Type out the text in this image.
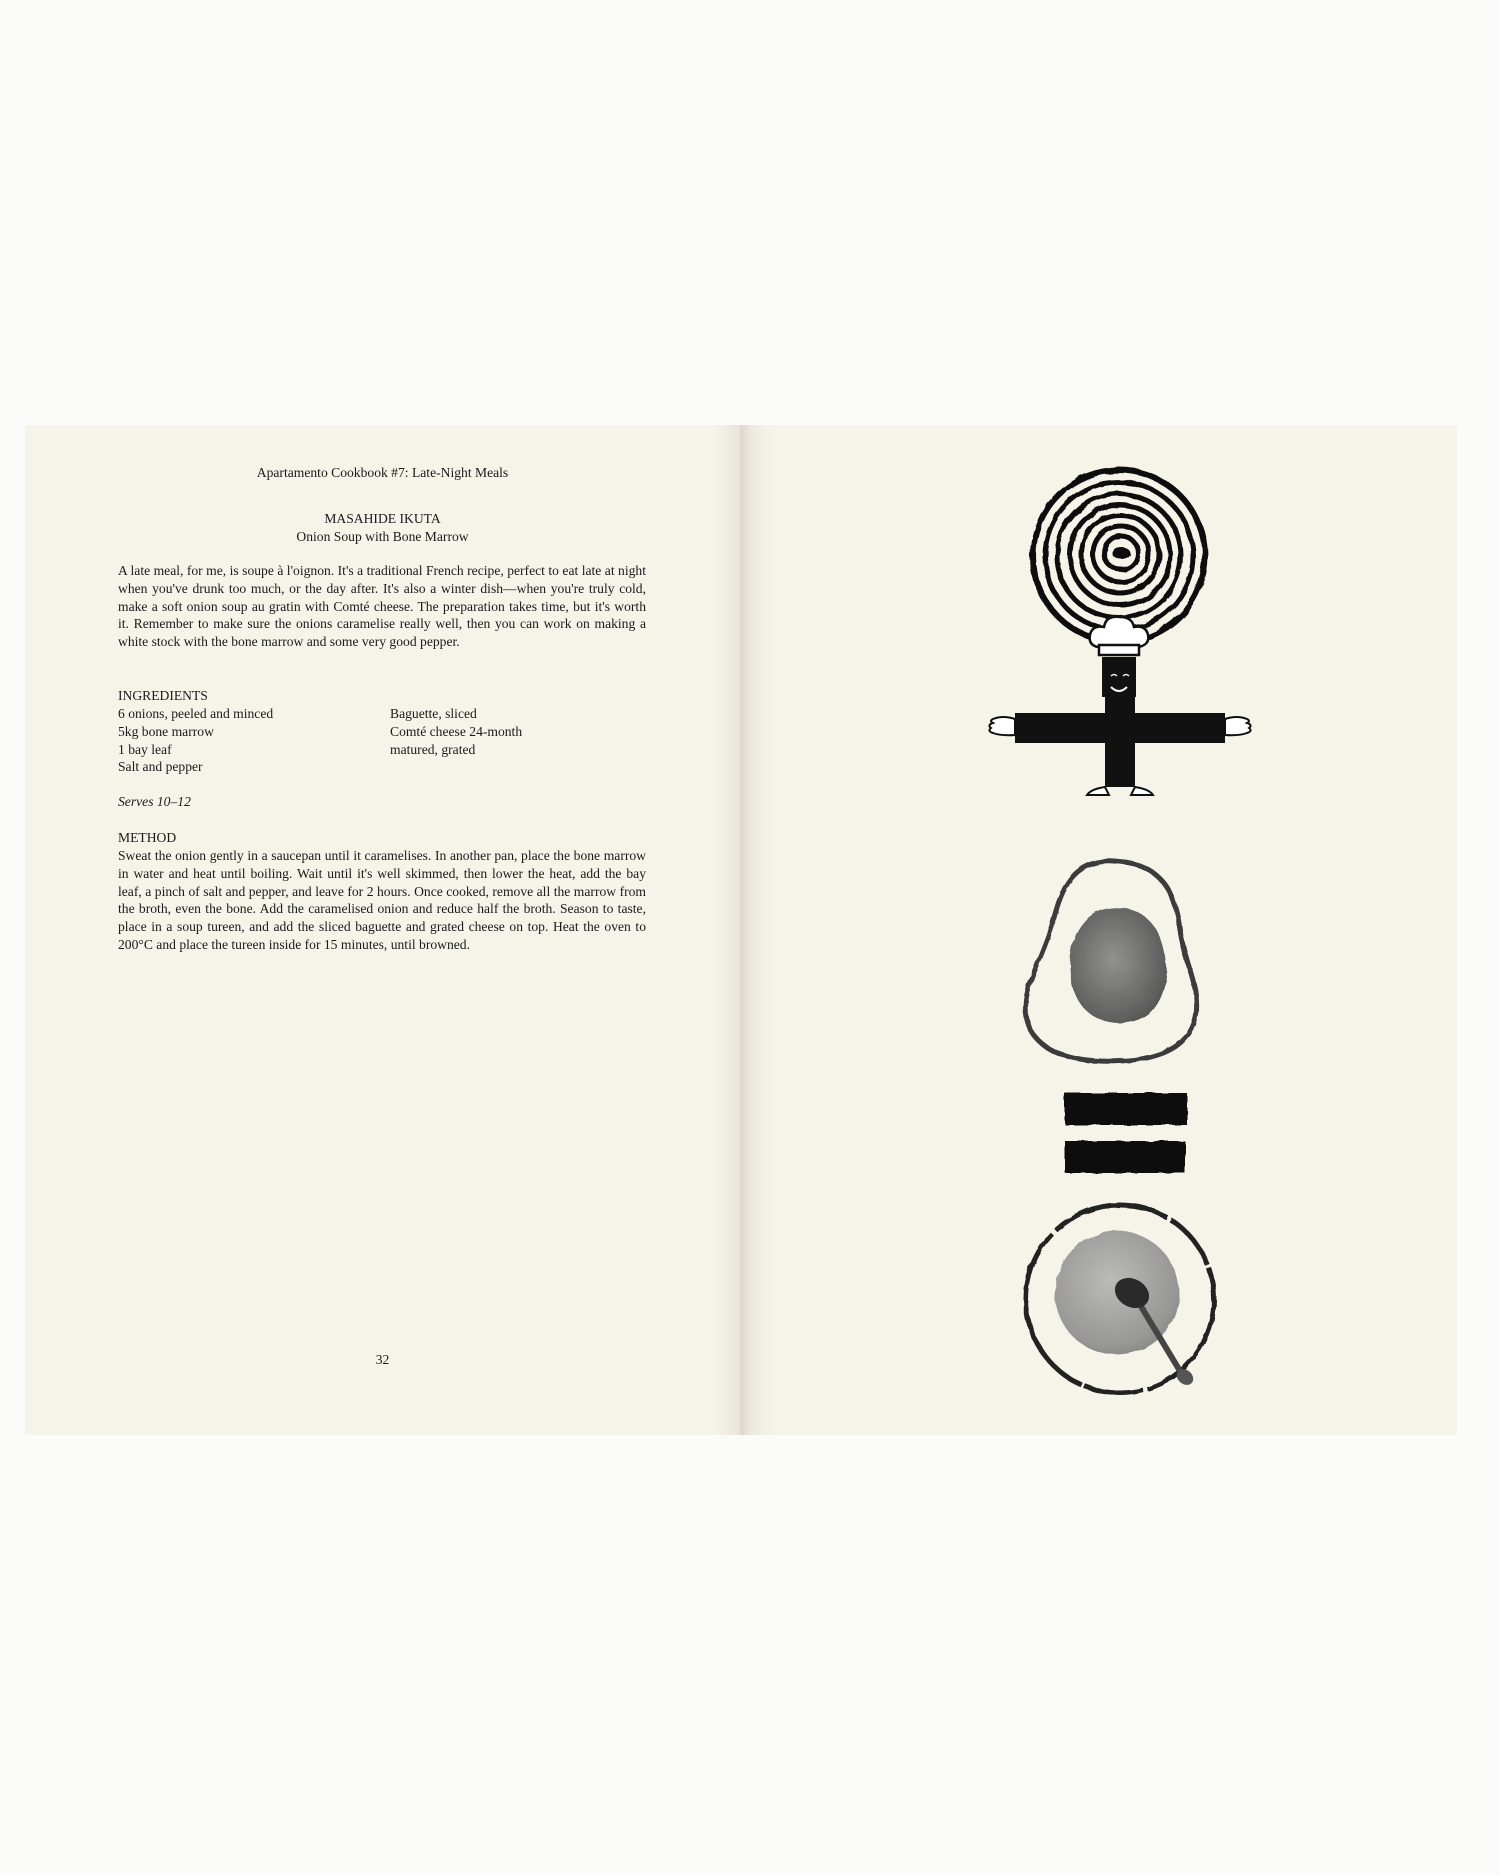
Apartamento Cookbook #7: Late-Night Meals
MASAHIDE IKUTA
Onion Soup with Bone Marrow
A late meal, for me, is soupe à l'oignon. It's a traditional French recipe, perfect to eat late at night when you've drunk too much, or the day after. It's also a winter dish—when you're truly cold, make a soft onion soup au gratin with Comté cheese. The preparation takes time, but it's worth it. Remember to make sure the onions caramelise really well, then you can work on making a white stock with the bone marrow and some very good pepper.
INGREDIENTS
6 onions, peeled and minced
5kg bone marrow
1 bay leaf
Salt and pepper
Baguette, sliced
Comté cheese 24-month
matured, grated
Serves 10–12
METHOD
Sweat the onion gently in a saucepan until it caramelises. In another pan, place the bone marrow in water and heat until boiling. Wait until it's well skimmed, then lower the heat, add the bay leaf, a pinch of salt and pepper, and leave for 2 hours. Once cooked, remove all the marrow from the broth, even the bone. Add the caramelised onion and reduce half the broth. Season to taste, place in a soup tureen, and add the sliced baguette and grated cheese on top. Heat the oven to 200°C and place the tureen inside for 15 minutes, until browned.
32
